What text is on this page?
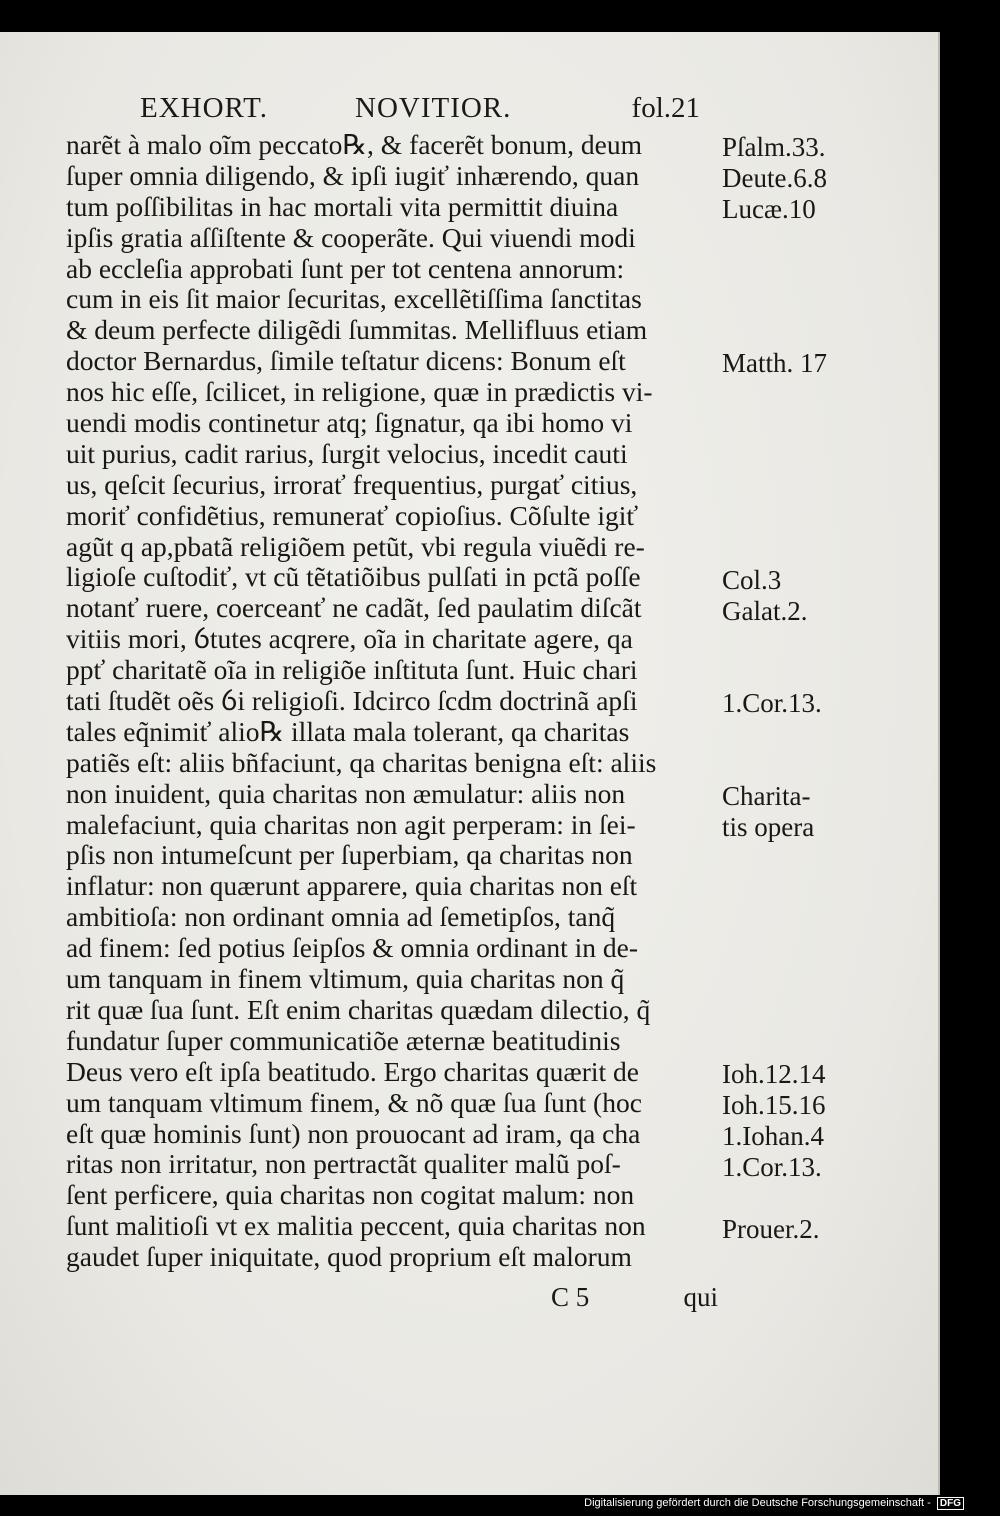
EXHORT.	NOVITIOR.	fol.21
narẽt à malo oĩm peccato℞, & facerẽt bonum, deum
ſuper omnia diligendo, & ipſi iugiť inhærendo, quan
tum poſſibilitas in hac mortali vita permittit diuina
ipſis gratia aſſiſtente & cooperãte. Qui viuendi modi
ab eccleſia approbati ſunt per tot centena annorum:
cum in eis ſit maior ſecuritas, excellẽtiſſima ſanctitas
& deum perfecte diligẽdi ſummitas. Mellifluus etiam
doctor Bernardus, ſimile teſtatur dicens: Bonum eſt
nos hic eſſe, ſcilicet, in religione, quæ in prædictis vi-
uendi modis continetur atq; ſignatur, qa ibi homo vi
uit purius, cadit rarius, ſurgit velocius, incedit cauti
us, qeſcit ſecurius, irrorať frequentius, purgať citius,
moriť confidẽtius, remunerať copioſius. Cõſulte igiť
agũt q ap,pbatã religiõem petũt, vbi regula viuẽdi re-
ligioſe cuſtodiť, vt cũ tẽtatiõibus pulſati in pctã poſſe
notanť ruere, coerceanť ne cadãt, ſed paulatim diſcãt
vitiis mori, ỽtutes acqrere, oĩa in charitate agere, qa
ppť charitatẽ oĩa in religiõe inſtituta ſunt. Huic chari
tati ſtudẽt oẽs ỽi religioſi. Idcirco ſcdm doctrinã apſi
tales eq̃nimiť alio℞ illata mala tolerant, qa charitas
patiẽs eſt: aliis bñfaciunt, qa charitas benigna eſt: aliis
non inuident, quia charitas non æmulatur: aliis non
malefaciunt, quia charitas non agit perperam: in ſei-
pſis non intumeſcunt per ſuperbiam, qa charitas non
inflatur: non quærunt apparere, quia charitas non eſt
ambitioſa: non ordinant omnia ad ſemetipſos, tanq̃
ad finem: ſed potius ſeipſos & omnia ordinant in de-
um tanquam in finem vltimum, quia charitas non q̃
rit quæ ſua ſunt. Eſt enim charitas quædam dilectio, q̃
fundatur ſuper communicatiõe æternæ beatitudinis
Deus vero eſt ipſa beatitudo. Ergo charitas quærit de
um tanquam vltimum finem, & nõ quæ ſua ſunt (hoc
eſt quæ hominis ſunt) non prouocant ad iram, qa cha
ritas non irritatur, non pertractãt qualiter malũ poſ-
ſent perficere, quia charitas non cogitat malum: non
ſunt malitioſi vt ex malitia peccent, quia charitas non
gaudet ſuper iniquitate, quod proprium eſt malorum
Pſalm.33.
Deute.6.8
Lucæ.10
Matth. 17
Col.3
Galat.2.
1.Cor.13.
Charita-
tis opera
Ioh.12.14
Ioh.15.16
1.Iohan.4
1.Cor.13.
Prouer.2.
C 5	qui
Digitalisierung gefördert durch die Deutsche Forschungsgemeinschaft - DFG
